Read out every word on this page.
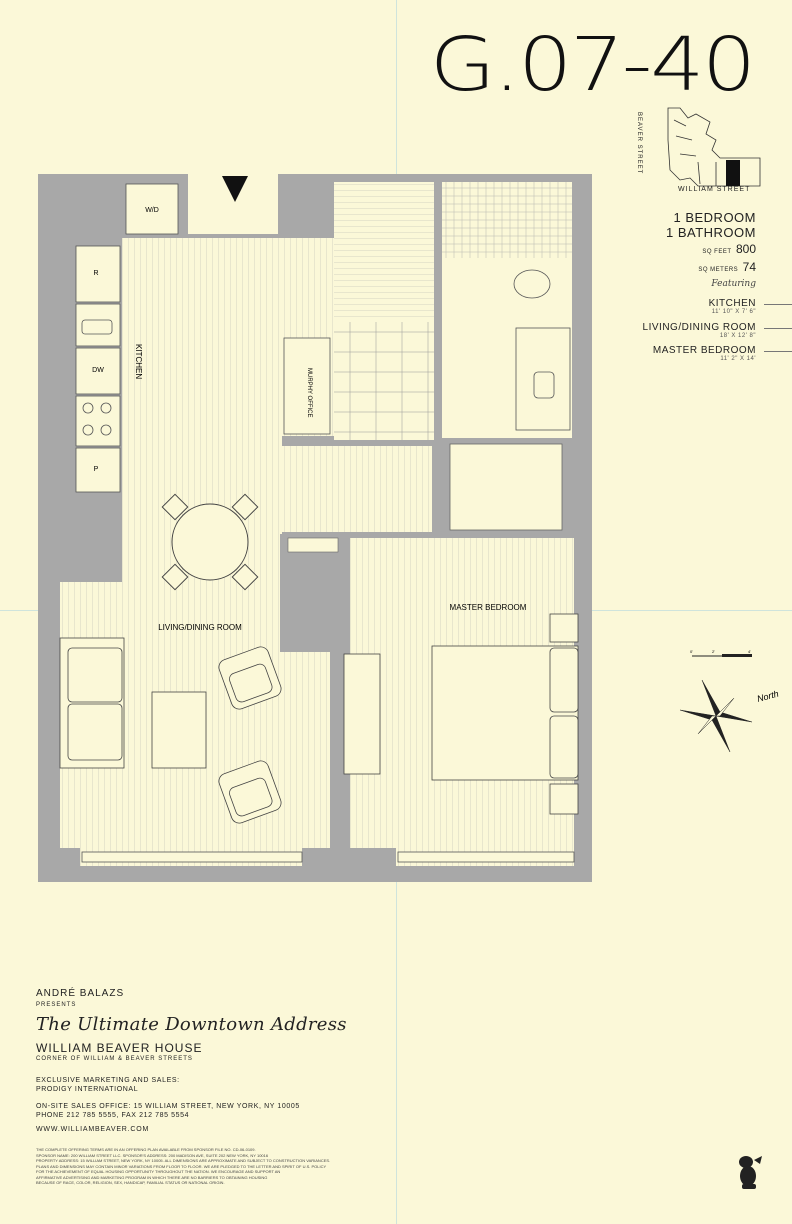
G.07-40
BEAVER STREET
WILLIAM STREET
1 BEDROOM
1 BATHROOM
SQ FEET 800
SQ METERS 74
Featuring
KITCHEN
11' 10" X 7' 6"
LIVING/DINING ROOM
18' X 12' 8"
MASTER BEDROOM
11' 2" X 14'
W/D
R
DW
P
KITCHEN
MURPHY OFFICE
LIVING/DINING ROOM
MASTER BEDROOM
0'	2'	4'
North
ANDRÉ BALAZS
PRESENTS
The Ultimate Downtown Address
WILLIAM BEAVER HOUSE
CORNER OF WILLIAM & BEAVER STREETS
EXCLUSIVE MARKETING AND SALES:
PRODIGY INTERNATIONAL
ON-SITE SALES OFFICE: 15 WILLIAM STREET, NEW YORK, NY 10005
PHONE 212 785 5555, FAX 212 785 5554
WWW.WILLIAMBEAVER.COM
THE COMPLETE OFFERING TERMS ARE IN AN OFFERING PLAN AVAILABLE FROM SPONSOR FILE NO. CD-06-0109.
SPONSOR NAME: 200 WILLIAM STREET LLC. SPONSOR'S ADDRESS: 200 MADISON AVE, SUITE 202 NEW YORK, NY 10016
PROPERTY ADDRESS: 15 WILLIAM STREET, NEW YORK, NY 10005. ALL DIMENSIONS ARE APPROXIMATE AND SUBJECT TO CONSTRUCTION VARIANCES.
PLANS AND DIMENSIONS MAY CONTAIN MINOR VARIATIONS FROM FLOOR TO FLOOR. WE ARE PLEDGED TO THE LETTER AND SPIRIT OF U.S. POLICY
FOR THE ACHIEVEMENT OF EQUAL HOUSING OPPORTUNITY THROUGHOUT THE NATION. WE ENCOURAGE AND SUPPORT AN
AFFIRMATIVE ADVERTISING AND MARKETING PROGRAM IN WHICH THERE ARE NO BARRIERS TO OBTAINING HOUSING
BECAUSE OF RACE, COLOR, RELIGION, SEX, HANDICAP, FAMILIAL STATUS OR NATIONAL ORIGIN.
